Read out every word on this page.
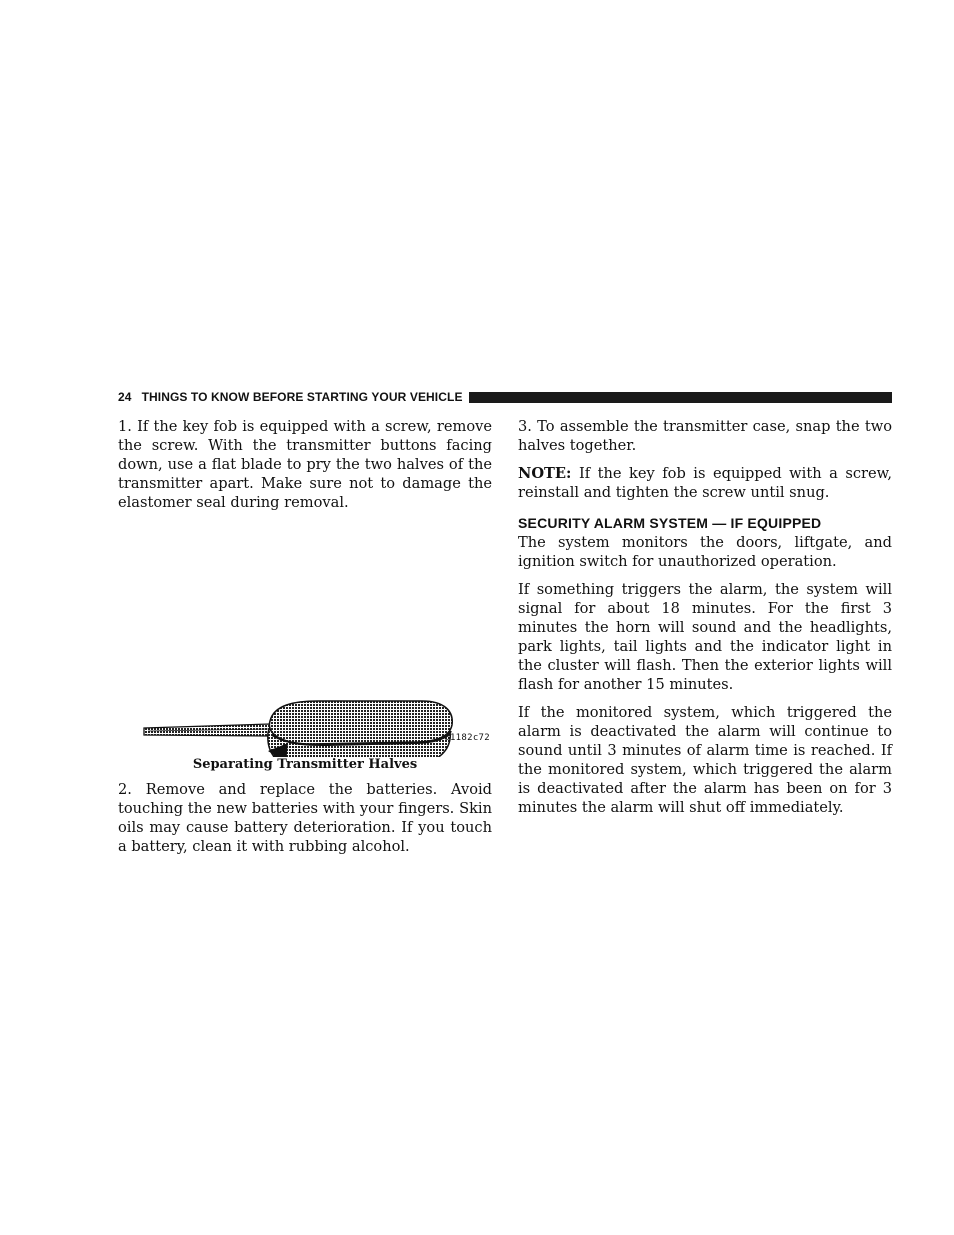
24 THINGS TO KNOW BEFORE STARTING YOUR VEHICLE

1. If the key fob is equipped with a screw, remove the screw. With the transmitter buttons facing down, use a flat blade to pry the two halves of the transmitter apart. Make sure not to damage the elastomer seal during removal.

81182c72
Separating Transmitter Halves

2. Remove and replace the batteries. Avoid touching the new batteries with your fingers. Skin oils may cause battery deterioration. If you touch a battery, clean it with rubbing alcohol.

3. To assemble the transmitter case, snap the two halves together.

NOTE: If the key fob is equipped with a screw, reinstall and tighten the screw until snug.

SECURITY ALARM SYSTEM — IF EQUIPPED

The system monitors the doors, liftgate, and ignition switch for unauthorized operation.

If something triggers the alarm, the system will signal for about 18 minutes. For the first 3 minutes the horn will sound and the headlights, park lights, tail lights and the indicator light in the cluster will flash. Then the exterior lights will flash for another 15 minutes.

If the monitored system, which triggered the alarm is deactivated the alarm will continue to sound until 3 minutes of alarm time is reached. If the monitored system, which triggered the alarm is deactivated after the alarm has been on for 3 minutes the alarm will shut off immediately.
